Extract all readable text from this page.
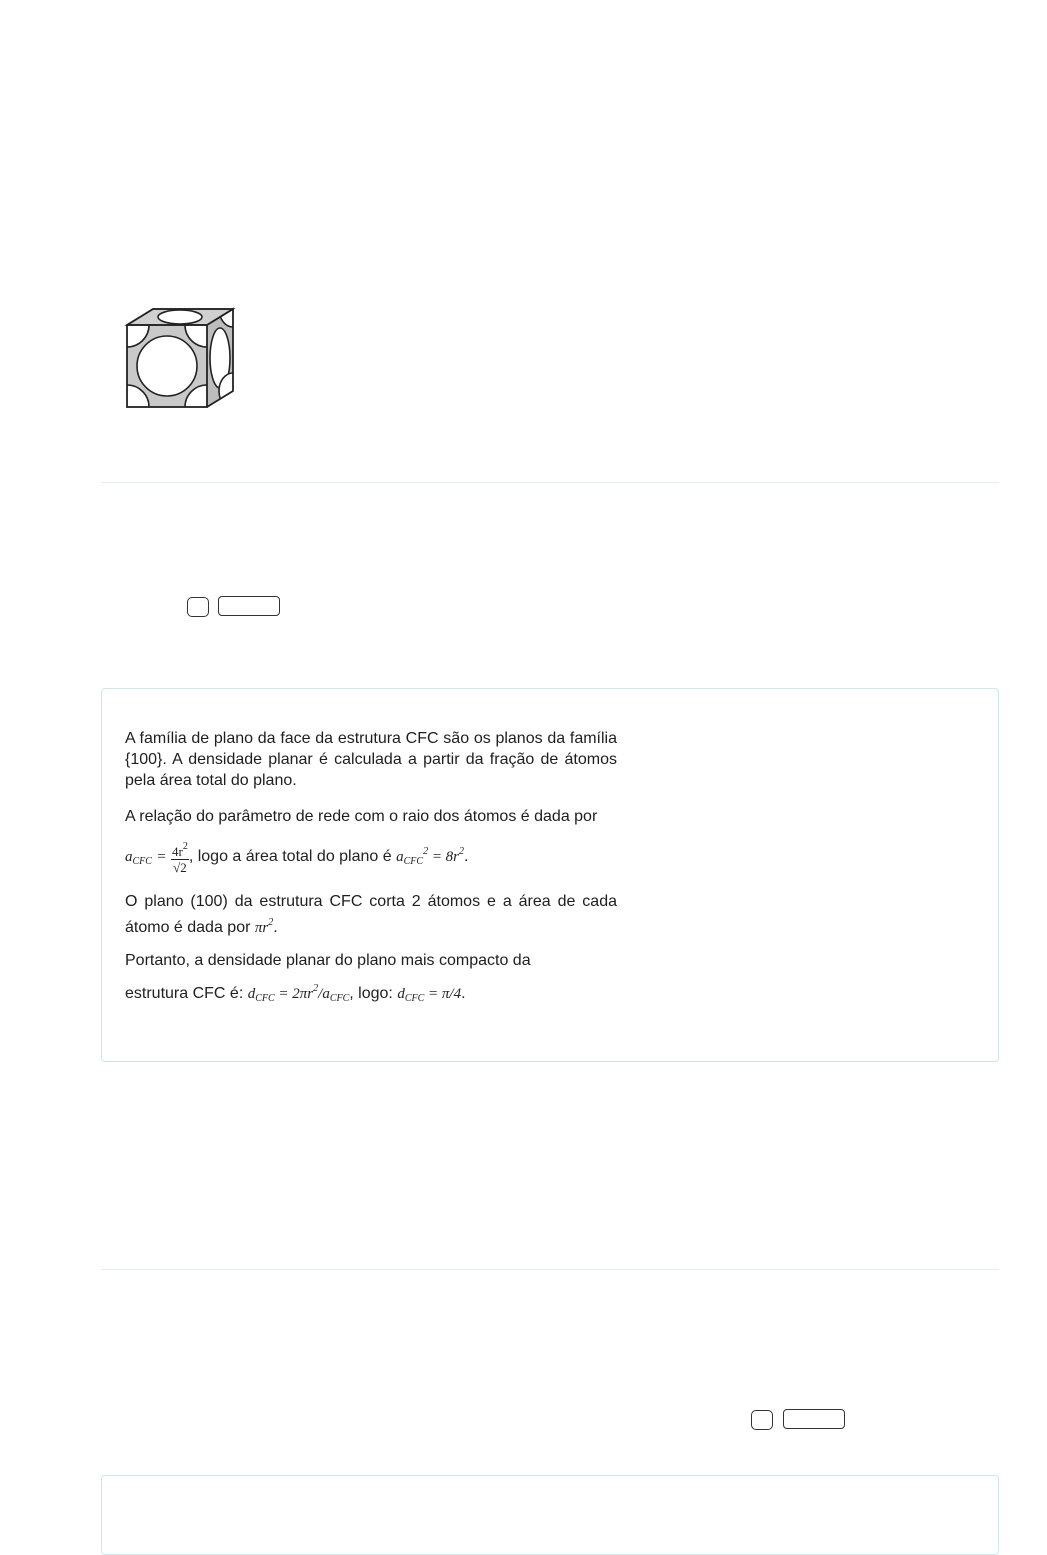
A família de plano da face da estrutura CFC são os planos da família {100}. A densidade planar é calculada a partir da fração de átomos pela área total do plano.
A relação do parâmetro de rede com o raio dos átomos é dada por
$a_{CFC} = \frac{4r^2}{√2}$ , logo a área total do plano é $a_{CFC}^2 = 8r^2$.
O plano (100) da estrutura CFC corta 2 átomos e a área de cada átomo é dada por $\pi r^2$.
Portanto, a densidade planar do plano mais compacto da
estrutura CFC é: $d_{CFC} = 2\pi r^2/a_{CFC}$, logo: $d_{CFC} = \pi/4$.
